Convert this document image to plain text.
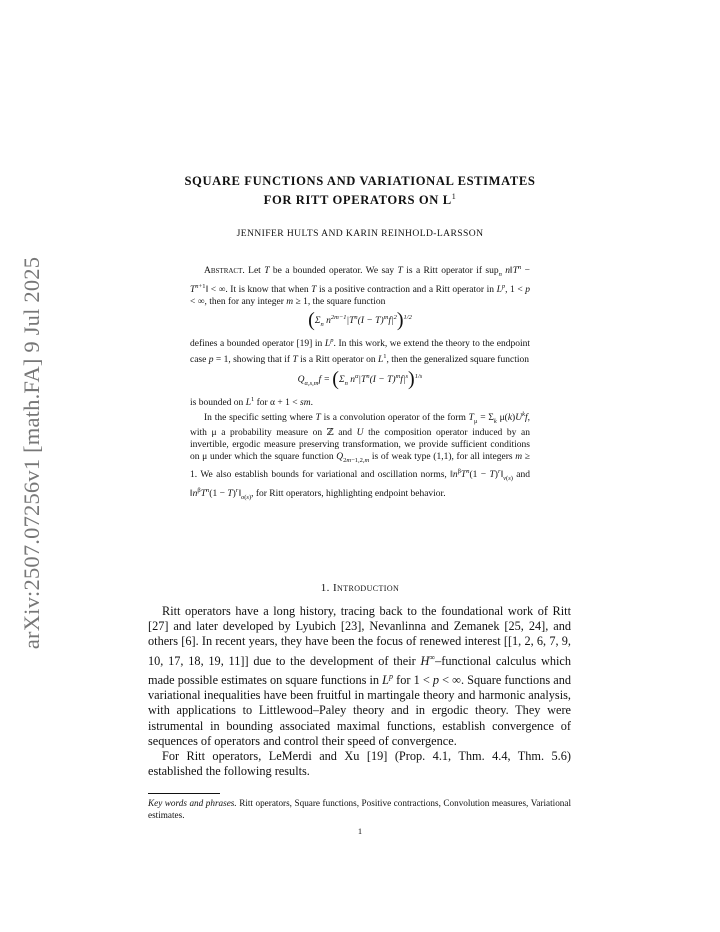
arXiv:2507.07256v1 [math.FA] 9 Jul 2025
SQUARE FUNCTIONS AND VARIATIONAL ESTIMATES
FOR RITT OPERATORS ON $L^1$
JENNIFER HULTS AND KARIN REINHOLD-LARSSON

Abstract. Let T be a bounded operator. We say T is a Ritt operator if sup$_n$ $n‖T^n$ − $T^{n+1}‖$ < ∞. It is know that when T is a positive contraction and a Ritt operator in $L^p$, 1 < p < ∞, then for any integer m ≥ 1, the square function

($\Sigma_n$ $n^{2m-1}|T^n(I - T)^mf|^2)^{1/2}$

defines a bounded operator [19] in $L^p$. In this work, we extend the theory to the endpoint case p = 1, showing that if T is a Ritt operator on $L^1$, then the generalized square function

$Q_{\alpha,s,m}f = (\Sigma_n$ $n^\alpha|T^n(I - T)^mf|^s)^{1/s}$

is bounded on $L^1$ for α + 1 < sm.

In the specific setting where T is a convolution operator of the form $T_\mu = \Sigma_k$ $\mu(k)U^kf$, with μ a probability measure on ℤ and U the composition operator induced by an invertible, ergodic measure preserving transformation, we provide sufficient conditions on μ under which the square function $Q_{2m-1,2,m}$ is of weak type (1,1), for all integers m ≥ 1. We also establish bounds for variational and oscillation norms, $‖n^\beta T^n(1$ − $T)^r‖_{v(s)}$ and $‖n^\beta T^n(1$ − $T)^r‖_{o(s)}$, for Ritt operators, highlighting endpoint behavior.

1. Introduction

Ritt operators have a long history, tracing back to the foundational work of Ritt [27] and later developed by Lyubich [23], Nevanlinna and Zemanek [25, 24], and others [6]. In recent years, they have been the focus of renewed interest [[1, 2, 6, 7, 9, 10, 17, 18, 19, 11]] due to the development of their H∞–functional calculus which made possible estimates on square functions in $L^p$ for 1 < p < ∞. Square functions and variational inequalities have been fruitful in martingale theory and harmonic analysis, with applications to Littlewood–Paley theory and in ergodic theory. They were istrumental in bounding associated maximal functions, establish convergence of sequences of operators and control their speed of convergence.

For Ritt operators, LeMerdi and Xu [19] (Prop. 4.1, Thm. 4.4, Thm. 5.6) established the following results.

Key words and phrases. Ritt operators, Square functions, Positive contractions, Convolution measures, Variational estimates.
1
